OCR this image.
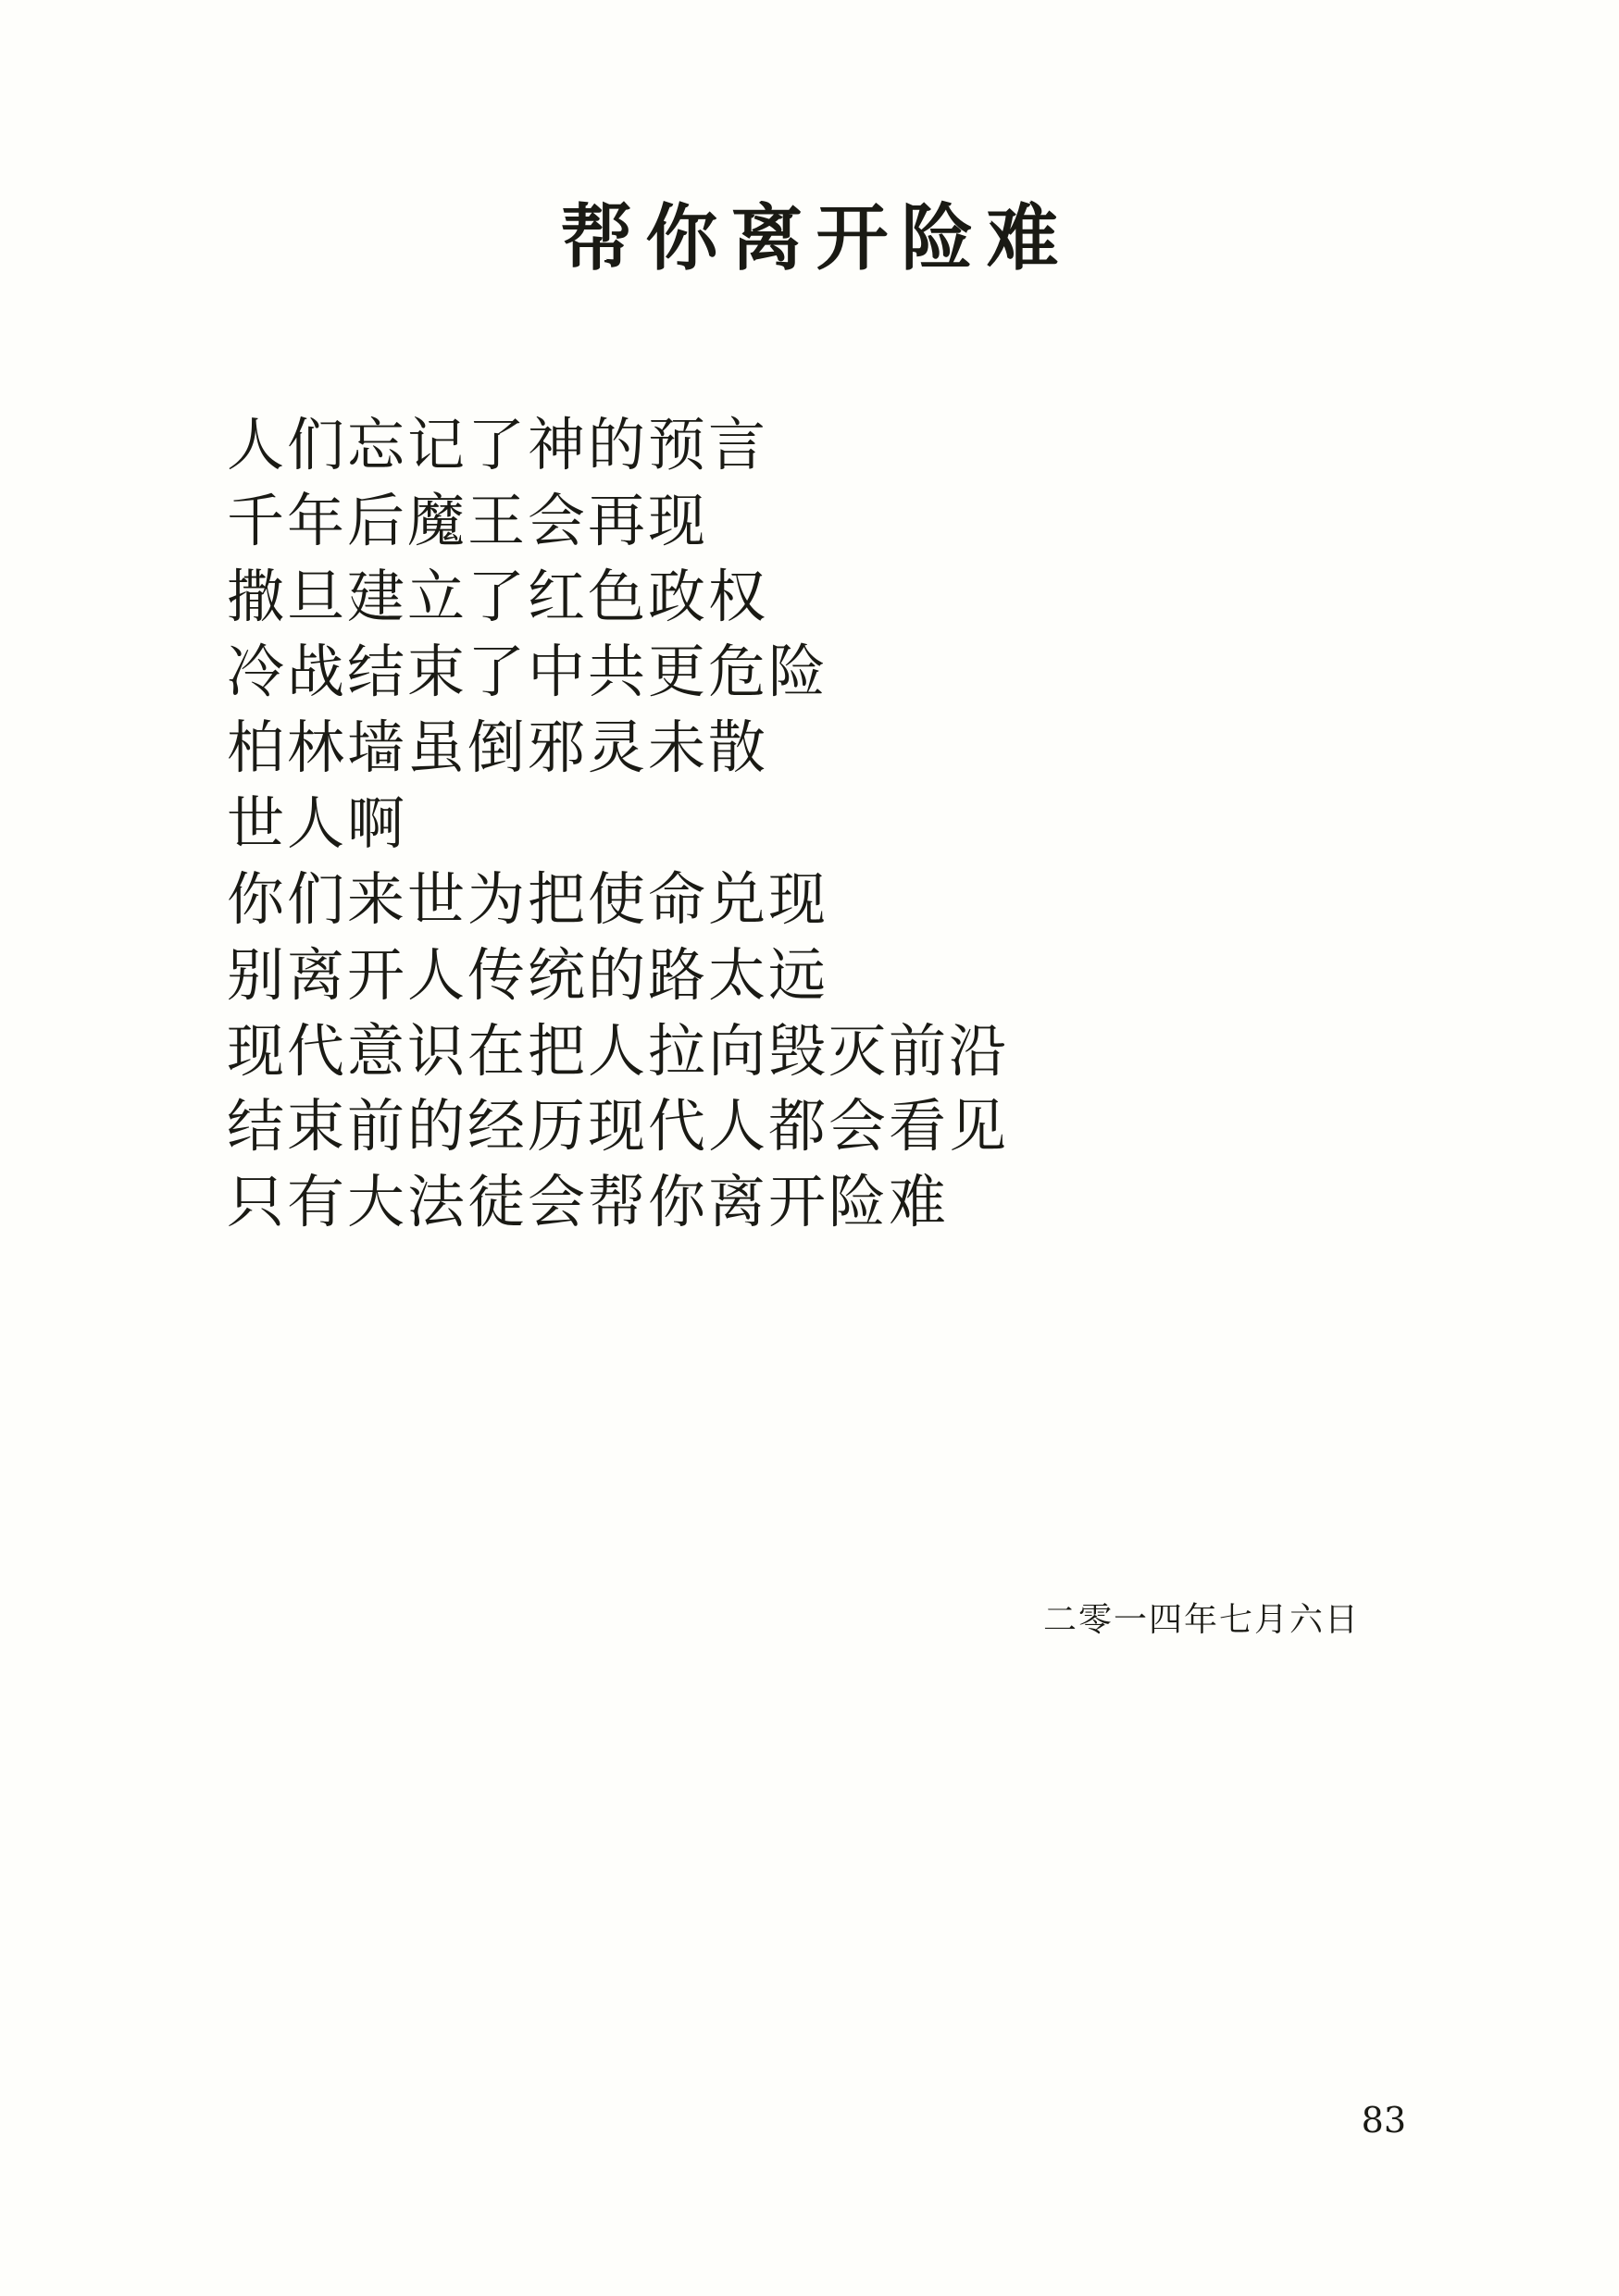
帮你离开险难
人们忘记了神的预言
千年后魔王会再现
撒旦建立了红色政权
冷战结束了中共更危险
柏林墙虽倒邪灵未散
世人啊
你们来世为把使命兑现
别离开人传统的路太远
现代意识在把人拉向毁灭前沿
结束前的经历现代人都会看见
只有大法徒会帮你离开险难
二零一四年七月六日
83
